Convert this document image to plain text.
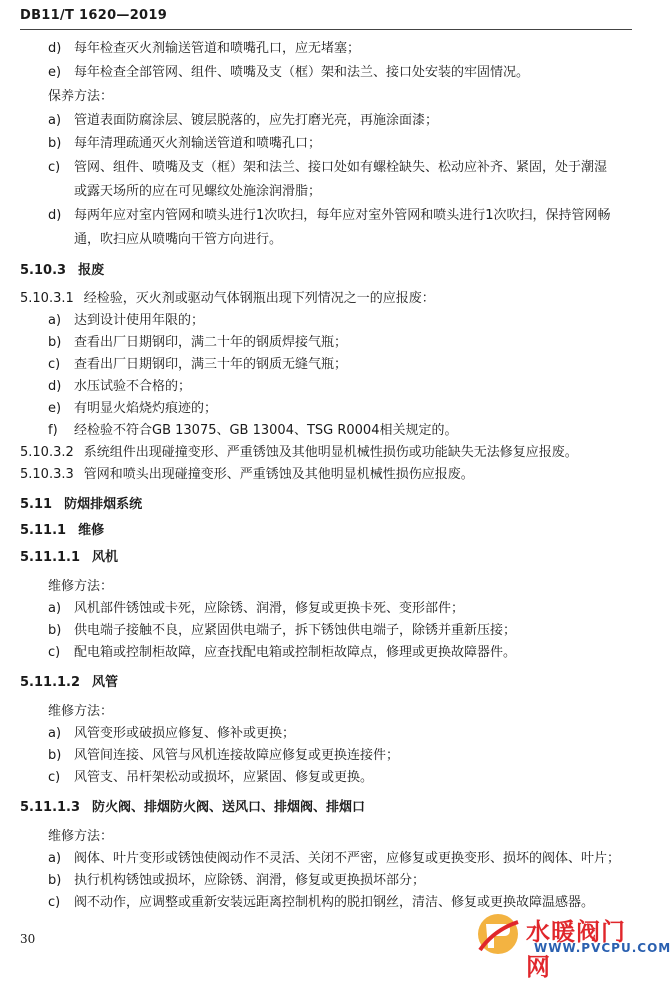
DB11/T 1620—2019
d) 每年检查灭火剂输送管道和喷嘴孔口，应无堵塞；
e) 每年检查全部管网、组件、喷嘴及支（框）架和法兰、接口处安装的牢固情况。
保养方法：
a) 管道表面防腐涂层、镀层脱落的，应先打磨光亮，再施涂面漆；
b) 每年清理疏通灭火剂输送管道和喷嘴孔口；
c)	管网、组件、喷嘴及支（框）架和法兰、接口处如有螺栓缺失、松动应补齐、紧固，处于潮湿
或露天场所的应在可见螺纹处施涂润滑脂；
d) 每两年应对室内管网和喷头进行1次吹扫，每年应对室外管网和喷头进行1次吹扫，保持管网畅
通，吹扫应从喷嘴向干管方向进行。
5.10.3 报废
5.10.3.1 经检验，灭火剂或驱动气体钢瓶出现下列情况之一的应报废：
a) 达到设计使用年限的；
b) 查看出厂日期钢印，满二十年的钢质焊接气瓶；
c)	查看出厂日期钢印，满三十年的钢质无缝气瓶；
d) 水压试验不合格的；
e) 有明显火焰烧灼痕迹的；
f)	经检验不符合GB 13075、GB 13004、TSG R0004相关规定的。
5.10.3.2 系统组件出现碰撞变形、严重锈蚀及其他明显机械性损伤或功能缺失无法修复应报废。
5.10.3.3 管网和喷头出现碰撞变形、严重锈蚀及其他明显机械性损伤应报废。
5.11 防烟排烟系统
5.11.1 维修
5.11.1.1 风机
维修方法：
a) 风机部件锈蚀或卡死，应除锈、润滑，修复或更换卡死、变形部件；
b) 供电端子接触不良，应紧固供电端子，拆下锈蚀供电端子，除锈并重新压接；
c)	配电箱或控制柜故障，应查找配电箱或控制柜故障点，修理或更换故障器件。
5.11.1.2 风管
维修方法：
a) 风管变形或破损应修复、修补或更换；
b) 风管间连接、风管与风机连接故障应修复或更换连接件；
c)	风管支、吊杆架松动或损坏，应紧固、修复或更换。
5.11.1.3 防火阀、排烟防火阀、送风口、排烟阀、排烟口
维修方法：
a) 阀体、叶片变形或锈蚀使阀动作不灵活、关闭不严密，应修复或更换变形、损坏的阀体、叶片；
b) 执行机构锈蚀或损坏，应除锈、润滑，修复或更换损坏部分；
c)	阀不动作，应调整或重新安装远距离控制机构的脱扣钢丝，清洁、修复或更换故障温感器。
30	水暖阀门网
WWW.PVCPU.COM
